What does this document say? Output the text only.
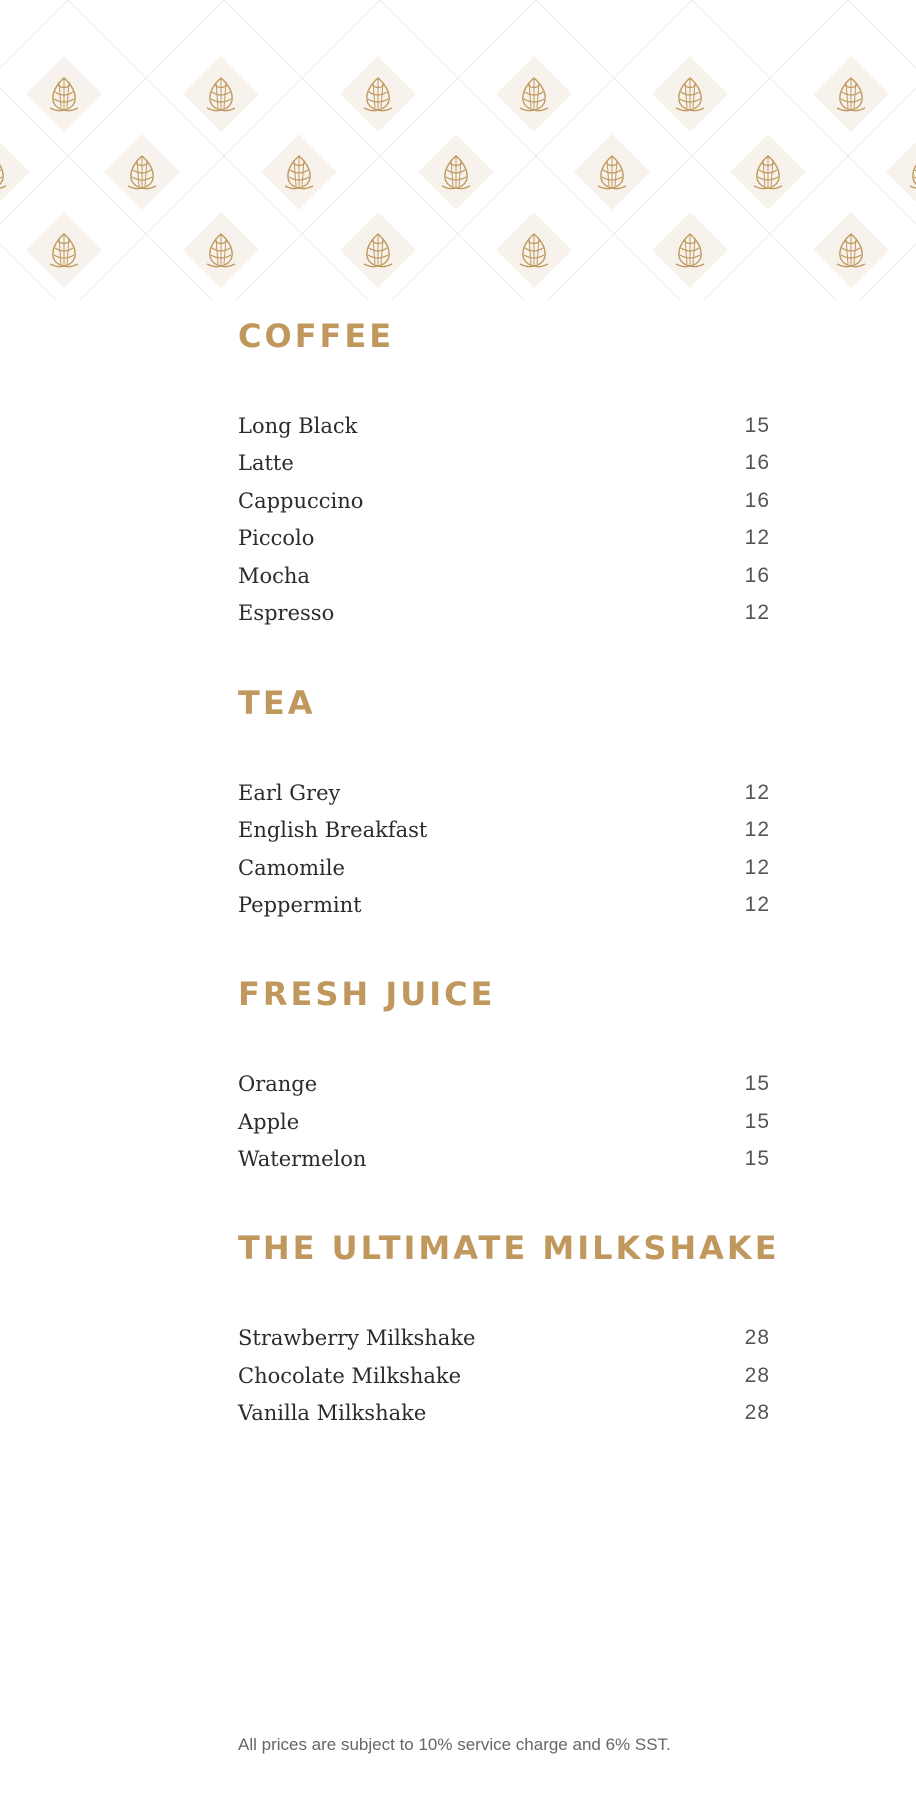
COFFEE
Long Black	15
Latte	16
Cappuccino	16
Piccolo	12
Mocha	16
Espresso	12
TEA
Earl Grey	12
English Breakfast	12
Camomile	12
Peppermint	12
FRESH JUICE
Orange	15
Apple	15
Watermelon	15
THE ULTIMATE MILKSHAKE
Strawberry Milkshake	28
Chocolate Milkshake	28
Vanilla Milkshake	28
All prices are subject to 10% service charge and 6% SST.
